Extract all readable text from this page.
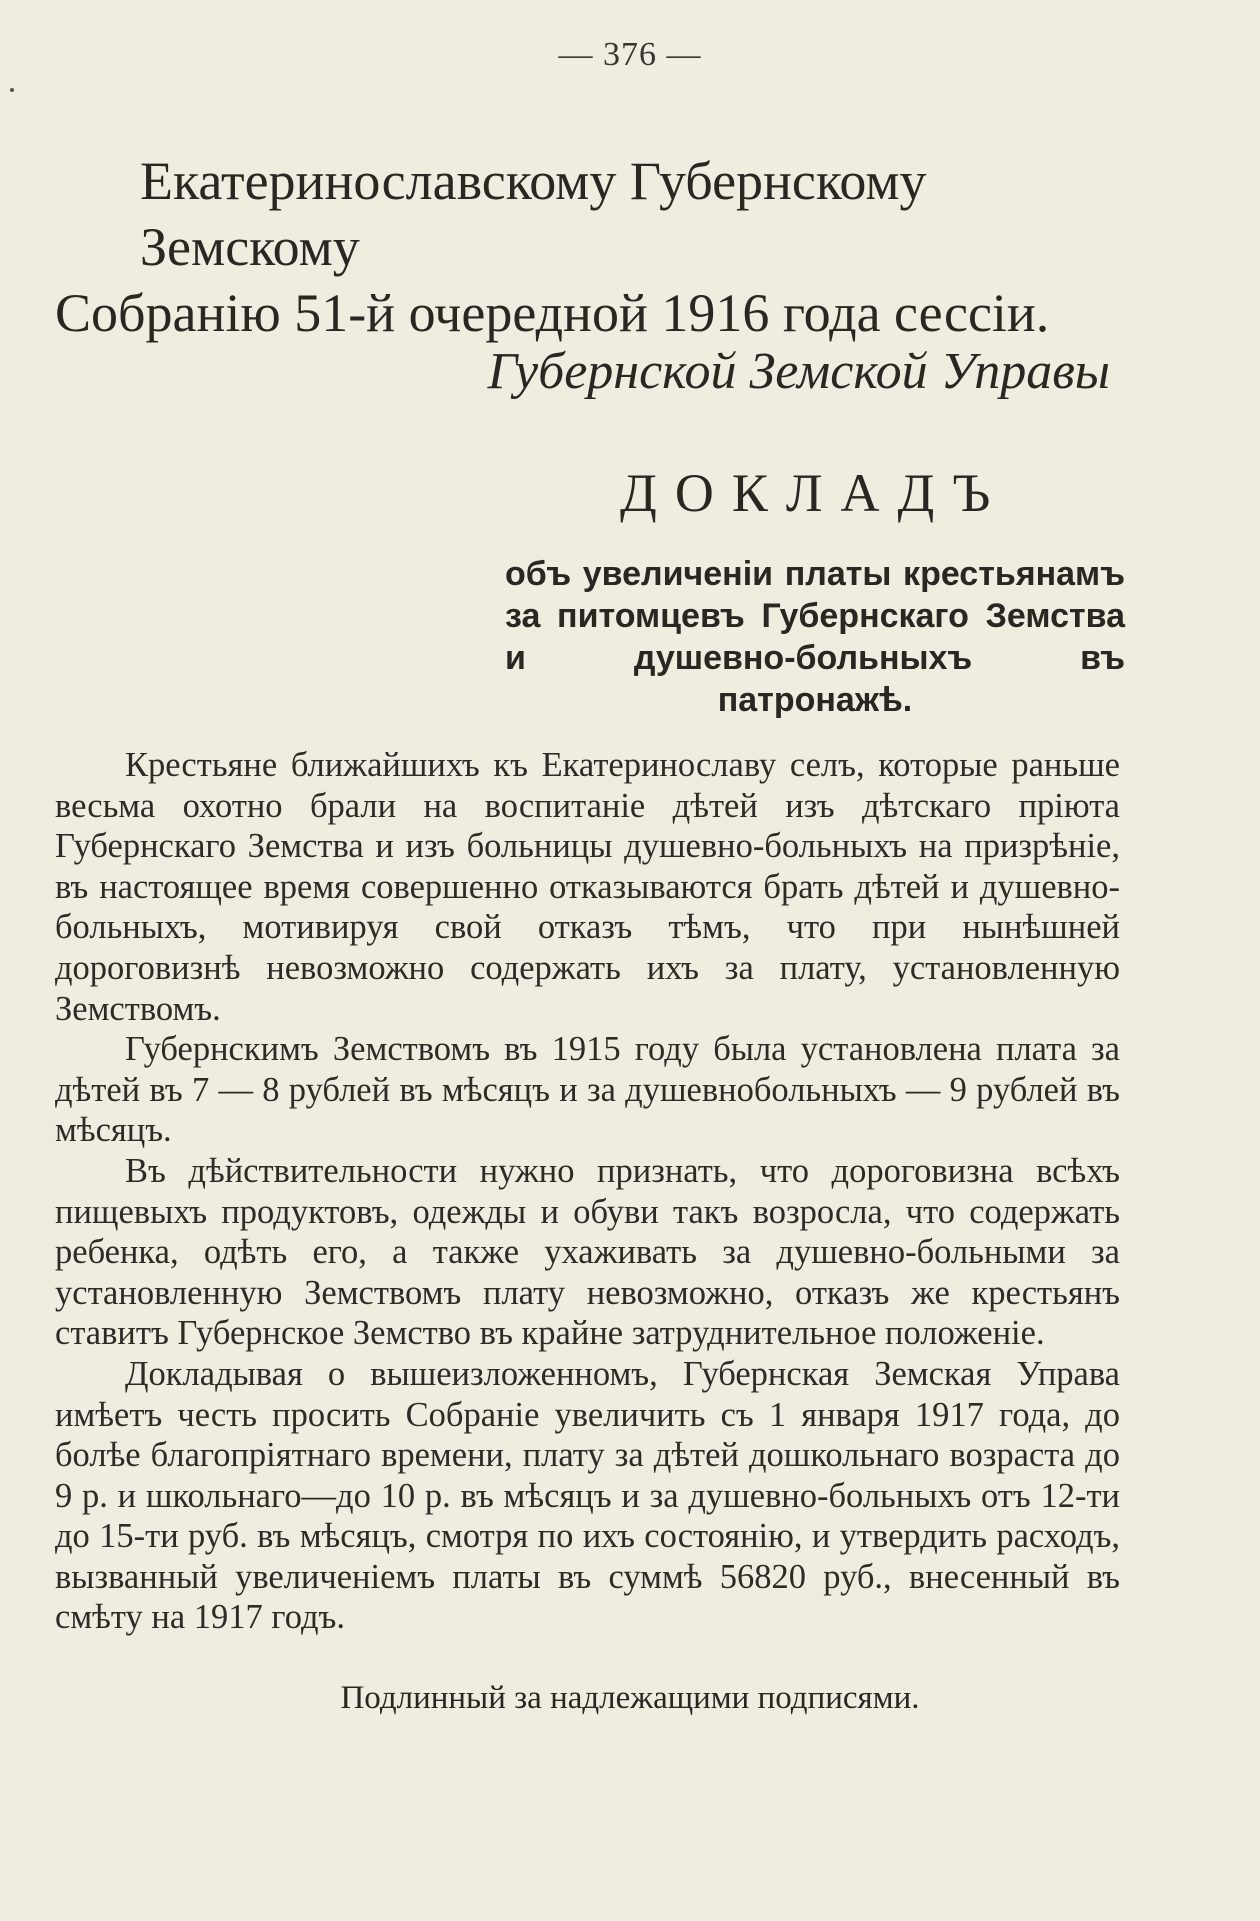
— 376 —
Екатеринославскому Губернскому Земскому
Собранію 51-й очередной 1916 года сессіи.
Губернской Земской Управы
ДОКЛАДЪ
объ увеличеніи платы крестьянамъ за питомцевъ Губернскаго Земства и душевно-больныхъ въ патронажѣ.

Крестьяне ближайшихъ къ Екатеринославу селъ, которые раньше весьма охотно брали на воспитаніе дѣтей изъ дѣтскаго пріюта Губернскаго Земства и изъ больницы душевно-больныхъ на призрѣніе, въ настоящее время совершенно отказываются брать дѣтей и душевно-больныхъ, мотивируя свой отказъ тѣмъ, что при нынѣшней дороговизнѣ невозможно содержать ихъ за плату, установленную Земствомъ.

Губернскимъ Земствомъ въ 1915 году была установлена плата за дѣтей въ 7 — 8 рублей въ мѣсяцъ и за душевнобольныхъ — 9 рублей въ мѣсяцъ.

Въ дѣйствительности нужно признать, что дороговизна всѣхъ пищевыхъ продуктовъ, одежды и обуви такъ возросла, что содержать ребенка, одѣть его, а также ухаживать за душевно-больными за установленную Земствомъ плату невозможно, отказъ же крестьянъ ставитъ Губернское Земство въ крайне затруднительное положеніе.

Докладывая о вышеизложенномъ, Губернская Земская Управа имѣетъ честь просить Собраніе увеличить съ 1 января 1917 года, до болѣе благопріятнаго времени, плату за дѣтей дошкольнаго возраста до 9 р. и школьнаго—до 10 р. въ мѣсяцъ и за душевно-больныхъ отъ 12-ти до 15-ти руб. въ мѣсяцъ, смотря по ихъ состоянію, и утвердить расходъ, вызванный увеличеніемъ платы въ суммѣ 56820 руб., внесенный въ смѣту на 1917 годъ.

Подлинный за надлежащими подписями.
